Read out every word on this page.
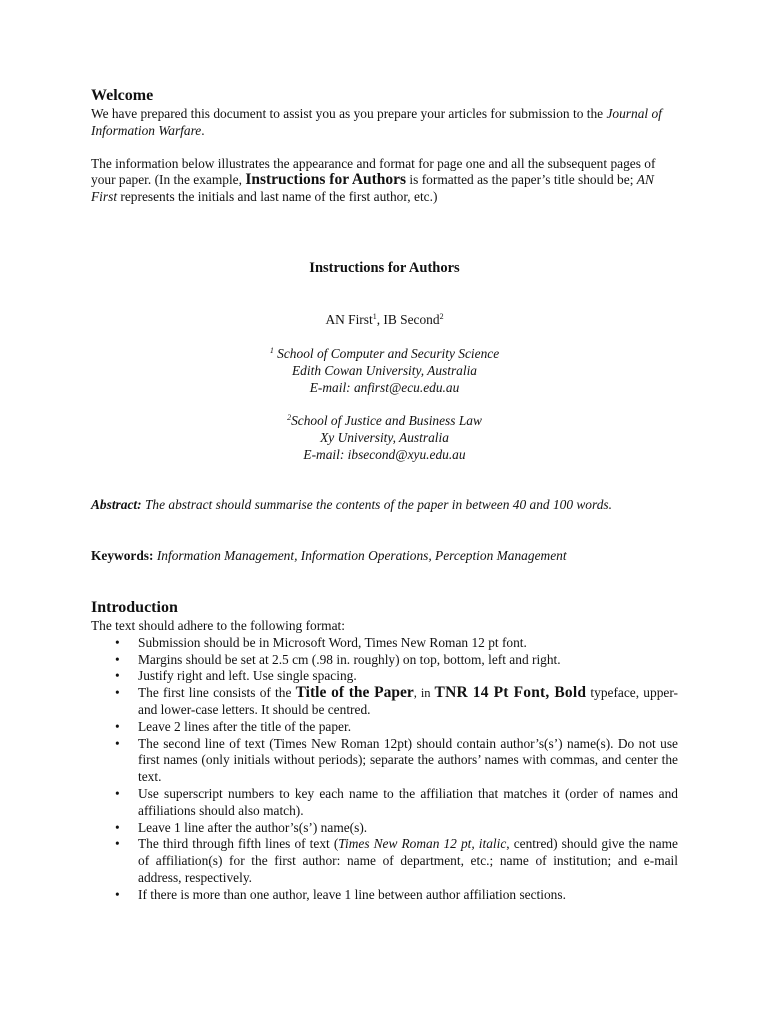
Welcome

We have prepared this document to assist you as you prepare your articles for submission to the Journal of Information Warfare.

The information below illustrates the appearance and format for page one and all the subsequent pages of your paper. (In the example, Instructions for Authors is formatted as the paper’s title should be; AN First represents the initials and last name of the first author, etc.)

Instructions for Authors

AN First$^1$, IB Second$^2$

$^1$ School of Computer and Security Science

Edith Cowan University, Australia

E-mail: anfirst@ecu.edu.au

$^2$School of Justice and Business Law

Xy University, Australia

E-mail: ibsecond@xyu.edu.au

Abstract: The abstract should summarise the contents of the paper in between 40 and 100 words.

Keywords: Information Management, Information Operations, Perception Management

Introduction

The text should adhere to the following format:

• Submission should be in Microsoft Word, Times New Roman 12 pt font.
• Margins should be set at 2.5 cm (.98 in. roughly) on top, bottom, left and right.
• Justify right and left. Use single spacing.
• The first line consists of the Title of the Paper, in TNR 14 Pt Font, Bold typeface, upper- and lower-case letters. It should be centred.
• Leave 2 lines after the title of the paper.
• The second line of text (Times New Roman 12pt) should contain author’s(s’) name(s). Do not use first names (only initials without periods); separate the authors’ names with commas, and center the text.
• Use superscript numbers to key each name to the affiliation that matches it (order of names and affiliations should also match).
• Leave 1 line after the author’s(s’) name(s).
• The third through fifth lines of text (Times New Roman 12 pt, italic, centred) should give the name of affiliation(s) for the first author: name of department, etc.; name of institution; and e-mail address, respectively.
• If there is more than one author, leave 1 line between author affiliation sections.
